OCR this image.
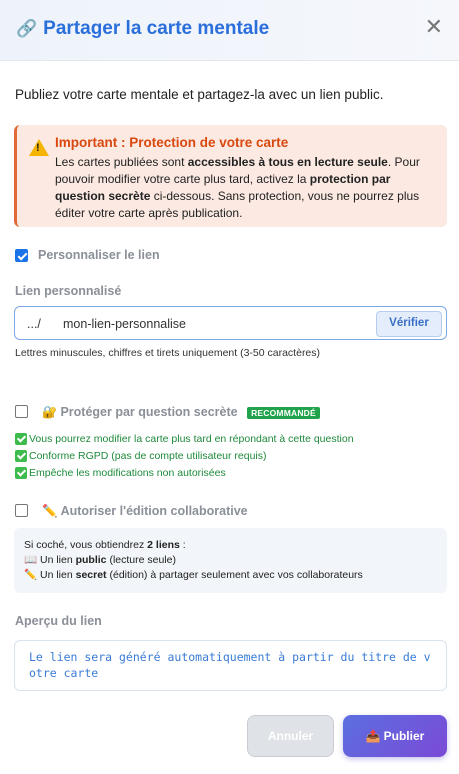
🔗 Partager la carte mentale	✕
Publiez votre carte mentale et partagez-la avec un lien public.
!
Important : Protection de votre carte
Les cartes publiées sont accessibles à tous en lecture seule. Pour pouvoir modifier votre carte plus tard, activez la protection par question secrète ci-dessous. Sans protection, vous ne pourrez plus éditer votre carte après publication.
Personnaliser le lien
Lien personnalisé
.../
mon-lien-personnalise	Vérifier
Lettres minuscules, chiffres et tirets uniquement (3-50 caractères)
🔐 Protéger par question secrète RECOMMANDÉ
Vous pourrez modifier la carte plus tard en répondant à cette question
Conforme RGPD (pas de compte utilisateur requis)
Empêche les modifications non autorisées
✏️ Autoriser l'édition collaborative
Si coché, vous obtiendrez 2 liens :
📖 Un lien public (lecture seule)
✏️ Un lien secret (édition) à partager seulement avec vos collaborateurs
Aperçu du lien
Le lien sera généré automatiquement à partir du titre de votre carte
Annuler	📤 Publier
